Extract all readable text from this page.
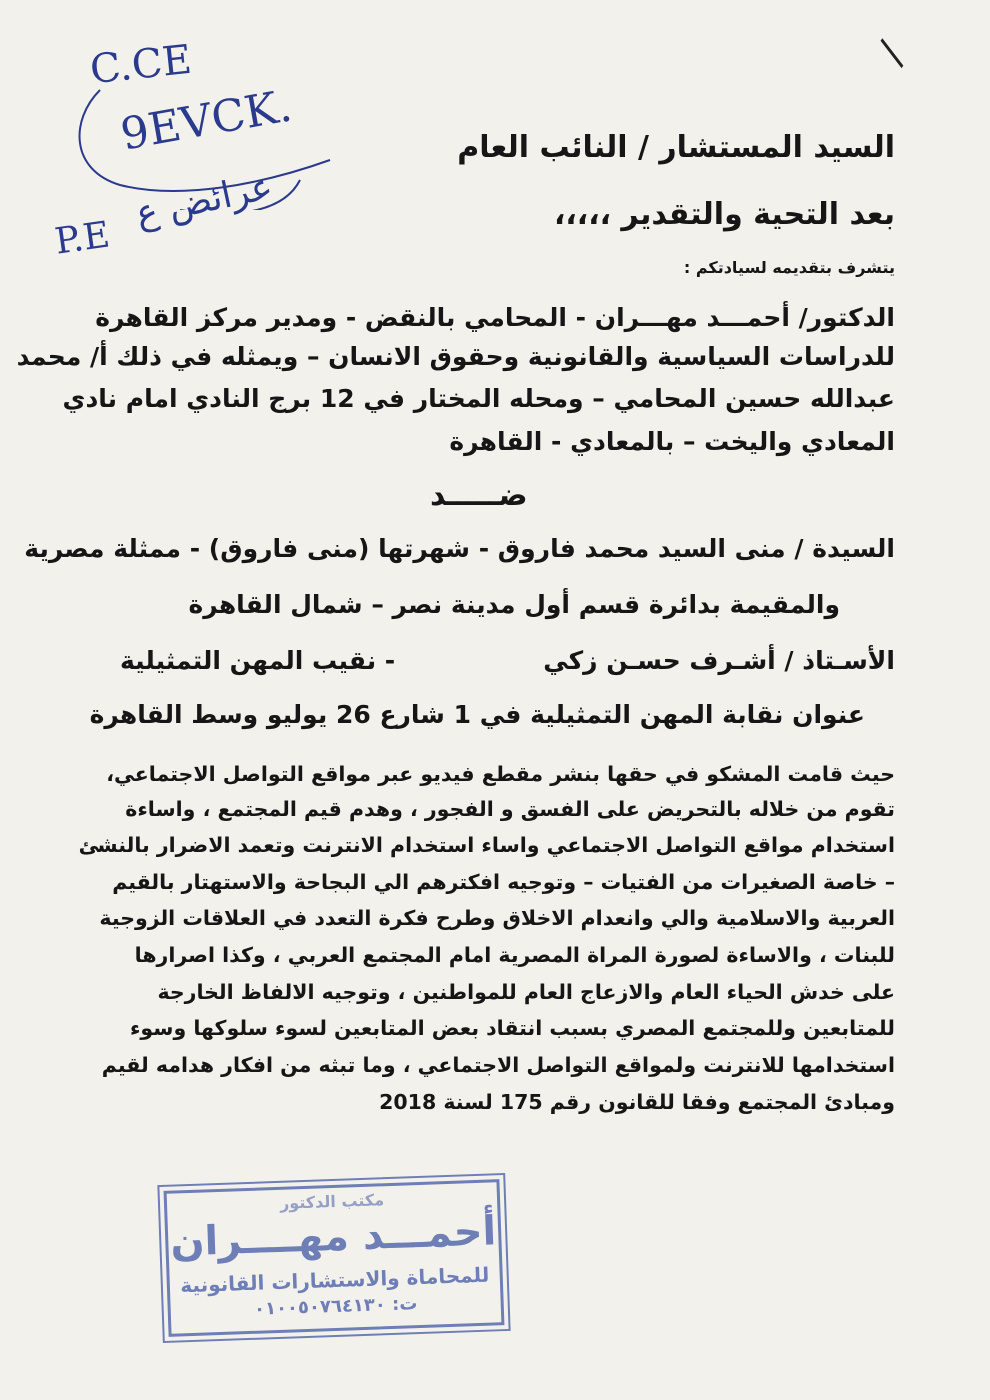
C.CE
9EVCK.
P.E
عرائض ع
/
السيد المستشار / النائب العام
بعد التحية والتقدير ،،،،،
يتشرف بتقديمه لسيادتكم :
الدكتور/ أحمـــد مهـــران - المحامي بالنقض - ومدير مركز القاهرة
للدراسات السياسية والقانونية وحقوق الانسان – ويمثله في ذلك أ/ محمد
عبدالله حسين المحامي – ومحله المختار في 12 برج النادي امام نادي
المعادي واليخت – بالمعادي - القاهرة
ضـــــد
السيدة / منى السيد محمد فاروق - شهرتها (منى فاروق) - ممثلة مصرية
والمقيمة بدائرة قسم أول مدينة نصر – شمال القاهرة
الأسـتاذ / أشـرف حسـن زكي
- نقيب المهن التمثيلية
عنوان نقابة المهن التمثيلية في 1 شارع 26 يوليو وسط القاهرة
حيث قامت المشكو في حقها بنشر مقطع فيديو عبر مواقع التواصل الاجتماعي،
تقوم من خلاله بالتحريض على الفسق و الفجور ، وهدم قيم المجتمع ، واساءة
استخدام مواقع التواصل الاجتماعي واساء استخدام الانترنت وتعمد الاضرار بالنشئ
– خاصة الصغيرات من الفتيات – وتوجيه افكترهم الي البجاحة والاستهتار بالقيم
العربية والاسلامية والي وانعدام الاخلاق وطرح فكرة التعدد في العلاقات الزوجية
للبنات ، والاساءة لصورة المراة المصرية امام المجتمع العربي ، وكذا اصرارها
على خدش الحياء العام والازعاج العام للمواطنين ، وتوجيه الالفاظ الخارجة
للمتابعين وللمجتمع المصري بسبب انتقاد بعض المتابعين لسوء سلوكها وسوء
استخدامها للانترنت ولمواقع التواصل الاجتماعي ، وما تبثه من افكار هدامه لقيم
ومبادئ المجتمع وفقا للقانون رقم 175 لسنة 2018
مكتب الدكتور
أحمـــد مهــــران
للمحاماة والاستشارات القانونية
ت: ٠١٠٠٥٠٧٦٤١٣٠
